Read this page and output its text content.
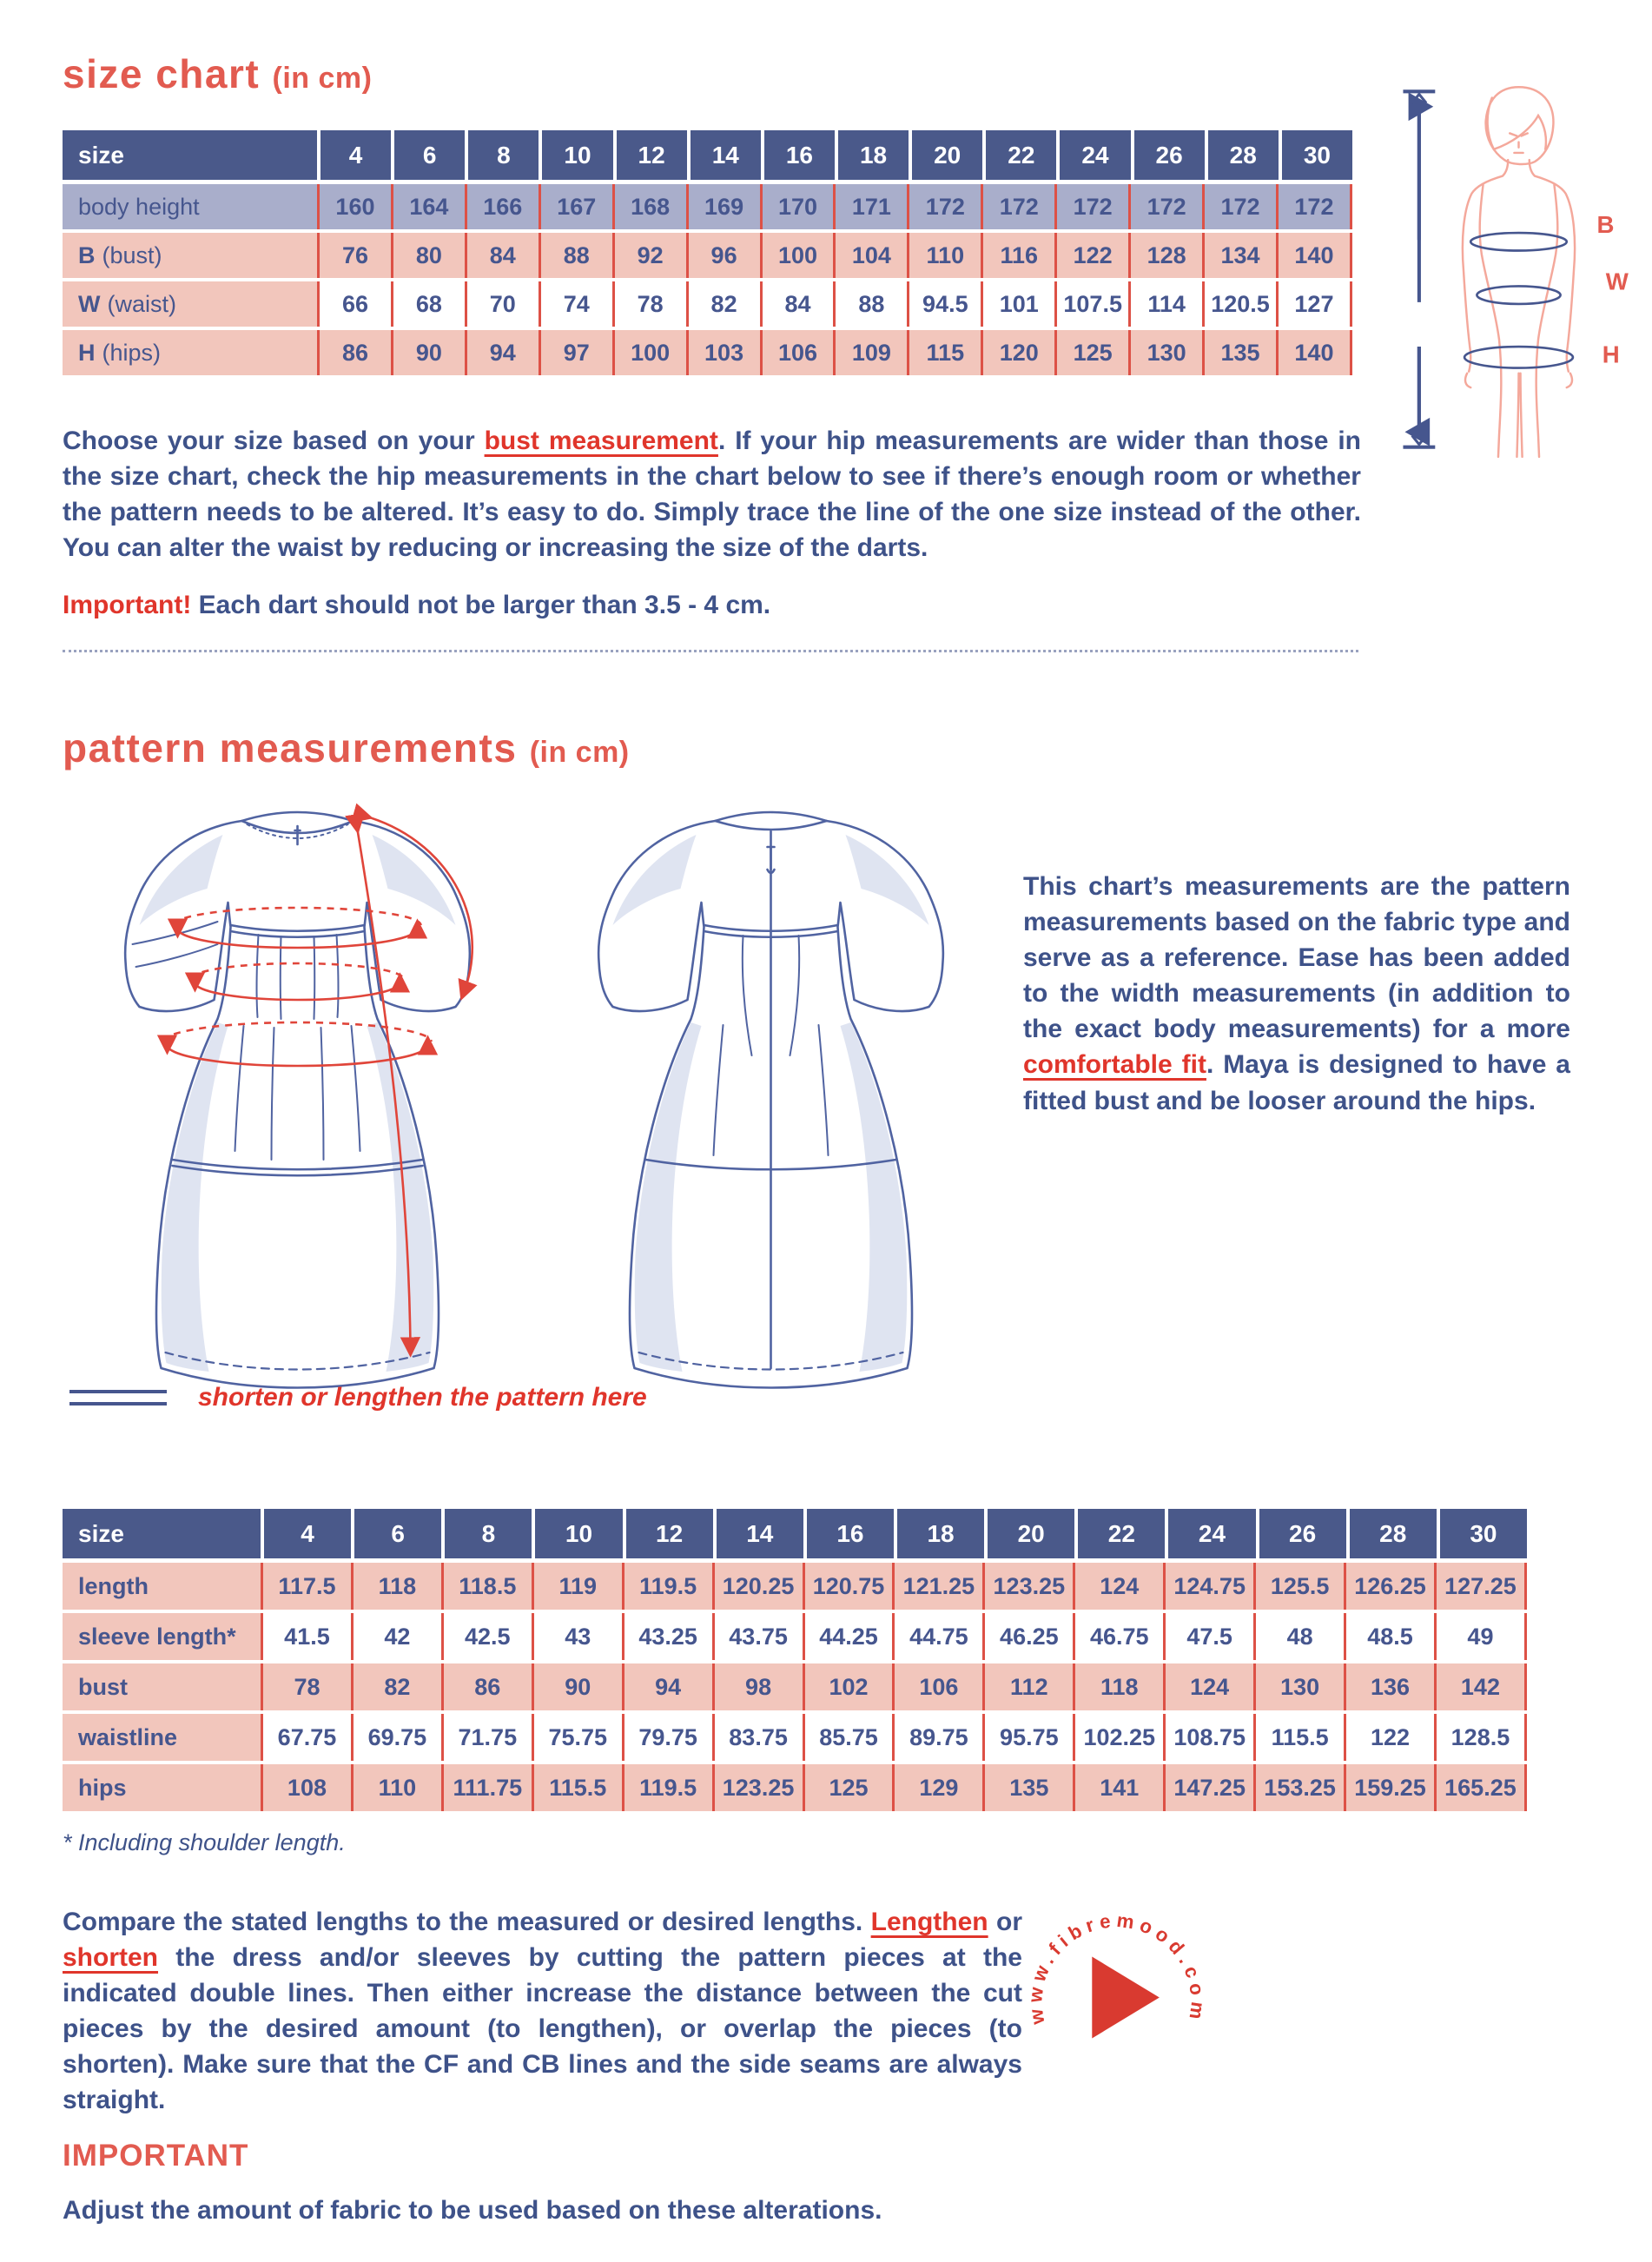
size chart (in cm)
size	4	6	8	10	12	14	16	18	20	22	24	26	28	30
body height	160	164	166	167	168	169	170	171	172	172	172	172	172	172
B (bust)	76	80	84	88	92	96	100	104	110	116	122	128	134	140
W (waist)	66	68	70	74	78	82	84	88	94.5	101	107.5	114	120.5	127
H (hips)	86	90	94	97	100	103	106	109	115	120	125	130	135	140
B
W
H
Choose your size based on your bust measurement. If your hip measurements are wider than those in the size chart, check the hip measurements in the chart below to see if there’s enough room or whether the pattern needs to be altered. It’s easy to do. Simply trace the line of the one size instead of the other. You can alter the waist by reducing or increasing the size of the darts.
Important! Each dart should not be larger than 3.5 - 4 cm.
pattern measurements (in cm)
shorten or lengthen the pattern here
This chart’s measurements are the pattern measurements based on the fabric type and serve as a reference. Ease has been added to the width measurements (in addition to the exact body measurements) for a more comfortable fit. Maya is designed to have a fitted bust and be looser around the hips.
size	4	6	8	10	12	14	16	18	20	22	24	26	28	30
length	117.5	118	118.5	119	119.5	120.25 120.75 121.25 123.25	124	124.75	125.5	126.25 127.25
sleeve length*	41.5	42	42.5	43	43.25	43.75	44.25	44.75	46.25	46.75	47.5	48	48.5	49
bust	78	82	86	90	94	98	102	106	112	118	124	130	136	142
waistline	67.75	69.75	71.75	75.75	79.75	83.75	85.75	89.75	95.75	102.25 108.75	115.5	122	128.5
hips	108	110	111.75	115.5	119.5	123.25	125	129	135	141	147.25 153.25 159.25 165.25
* Including shoulder length.
Compare the stated lengths to the measured or desired lengths. Lengthen or shorten the dress and/or sleeves by cutting the pattern pieces at the indicated double lines. Then either increase the distance between the cut pieces by the desired amount (to lengthen), or overlap the pieces (to shorten). Make sure that the CF and CB lines and the side seams are always straight.
www.fibremood.com
IMPORTANT
Adjust the amount of fabric to be used based on these alterations.
